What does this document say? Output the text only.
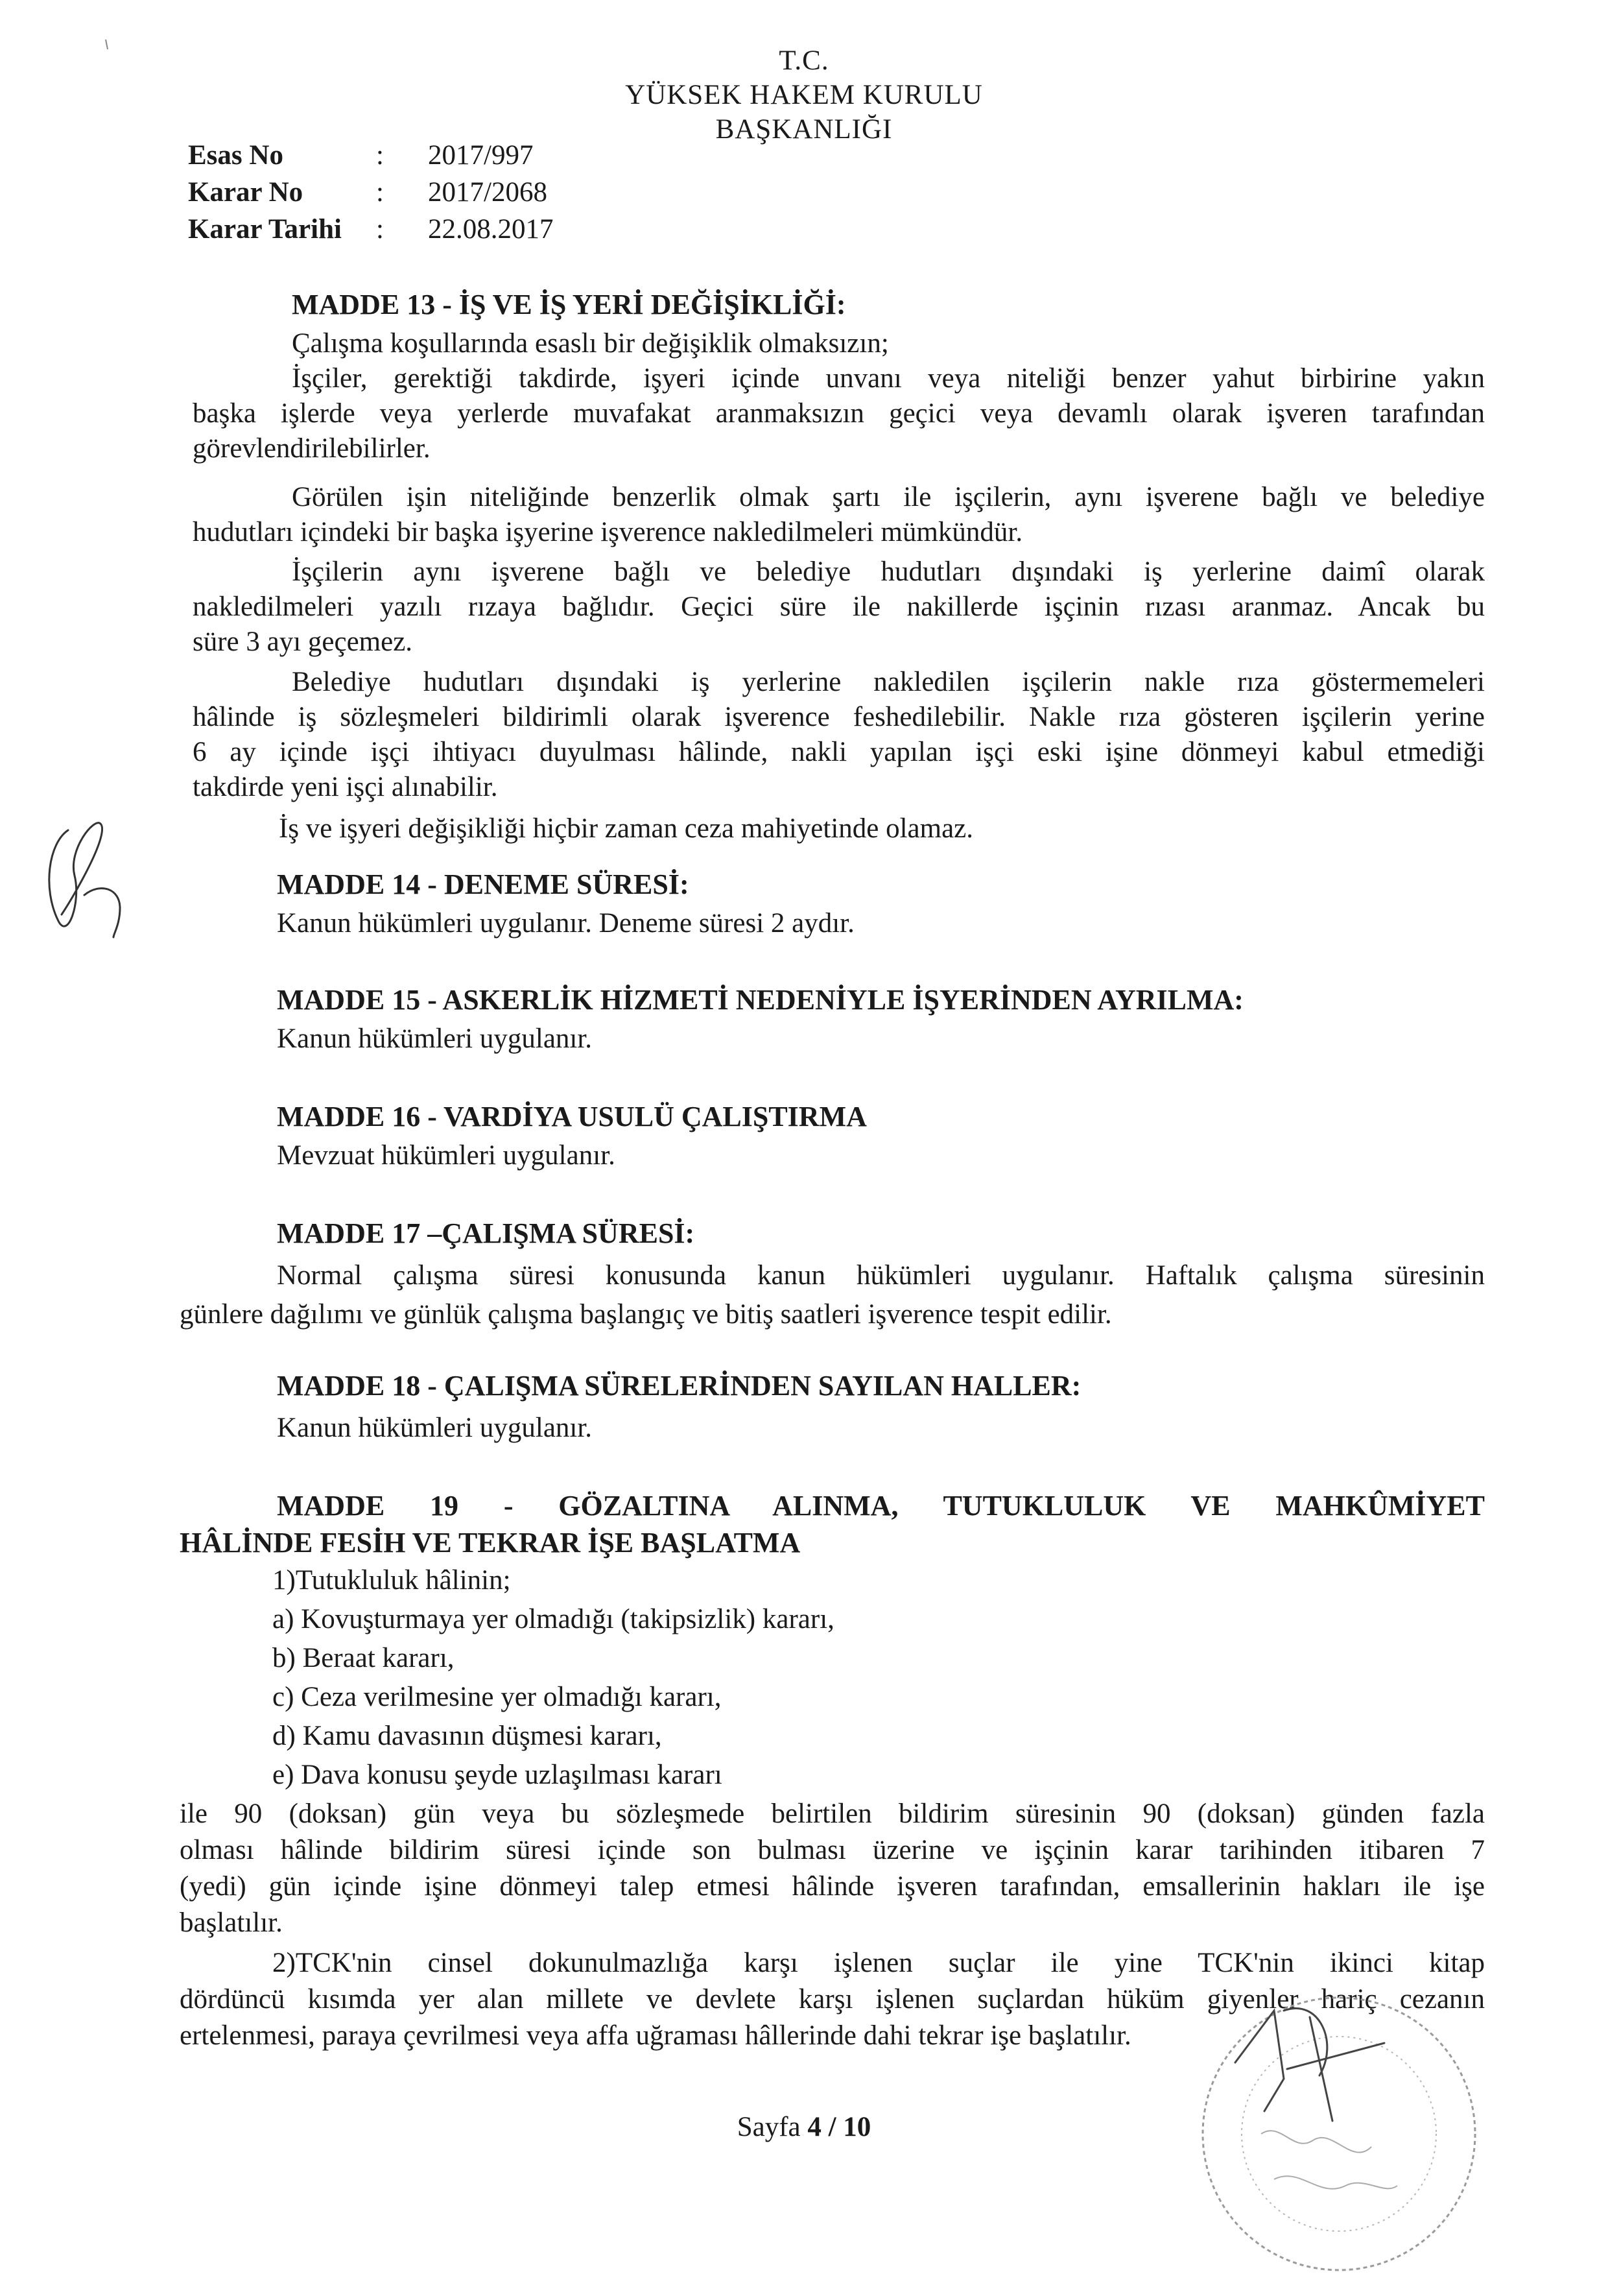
T.C.
YÜKSEK HAKEM KURULU
BAŞKANLIĞI
Esas No	: 2017/997
Karar No	: 2017/2068
Karar Tarihi : 22.08.2017
MADDE 13 - İŞ VE İŞ YERİ DEĞİŞİKLİĞİ:
Çalışma koşullarında esaslı bir değişiklik olmaksızın;
İşçiler, gerektiği takdirde, işyeri içinde unvanı veya niteliği benzer yahut birbirine yakın
başka işlerde veya yerlerde muvafakat aranmaksızın geçici veya devamlı olarak işveren tarafından
görevlendirilebilirler.
Görülen işin niteliğinde benzerlik olmak şartı ile işçilerin, aynı işverene bağlı ve belediye
hudutları içindeki bir başka işyerine işverence nakledilmeleri mümkündür.
İşçilerin aynı işverene bağlı ve belediye hudutları dışındaki iş yerlerine daimî olarak
nakledilmeleri yazılı rızaya bağlıdır. Geçici süre ile nakillerde işçinin rızası aranmaz. Ancak bu
süre 3 ayı geçemez.
Belediye hudutları dışındaki iş yerlerine nakledilen işçilerin nakle rıza göstermemeleri
hâlinde iş sözleşmeleri bildirimli olarak işverence feshedilebilir. Nakle rıza gösteren işçilerin yerine
6 ay içinde işçi ihtiyacı duyulması hâlinde, nakli yapılan işçi eski işine dönmeyi kabul etmediği
takdirde yeni işçi alınabilir.
İş ve işyeri değişikliği hiçbir zaman ceza mahiyetinde olamaz.
MADDE 14 - DENEME SÜRESİ:
Kanun hükümleri uygulanır. Deneme süresi 2 aydır.
MADDE 15 - ASKERLİK HİZMETİ NEDENİYLE İŞYERİNDEN AYRILMA:
Kanun hükümleri uygulanır.
MADDE 16 - VARDİYA USULÜ ÇALIŞTIRMA
Mevzuat hükümleri uygulanır.
MADDE 17 –ÇALIŞMA SÜRESİ:
Normal çalışma süresi konusunda kanun hükümleri uygulanır. Haftalık çalışma süresinin
günlere dağılımı ve günlük çalışma başlangıç ve bitiş saatleri işverence tespit edilir.
MADDE 18 - ÇALIŞMA SÜRELERİNDEN SAYILAN HALLER:
Kanun hükümleri uygulanır.
MADDE 19 - GÖZALTINA ALINMA, TUTUKLULUK VE MAHKÛMİYET
HÂLİNDE FESİH VE TEKRAR İŞE BAŞLATMA
1)Tutukluluk hâlinin;
a) Kovuşturmaya yer olmadığı (takipsizlik) kararı,
b) Beraat kararı,
c) Ceza verilmesine yer olmadığı kararı,
d) Kamu davasının düşmesi kararı,
e) Dava konusu şeyde uzlaşılması kararı
ile 90 (doksan) gün veya bu sözleşmede belirtilen bildirim süresinin 90 (doksan) günden fazla
olması hâlinde bildirim süresi içinde son bulması üzerine ve işçinin karar tarihinden itibaren 7
(yedi) gün içinde işine dönmeyi talep etmesi hâlinde işveren tarafından, emsallerinin hakları ile işe
başlatılır.
2)TCK'nin cinsel dokunulmazlığa karşı işlenen suçlar ile yine TCK'nin ikinci kitap
dördüncü kısımda yer alan millete ve devlete karşı işlenen suçlardan hüküm giyenler hariç cezanın
ertelenmesi, paraya çevrilmesi veya affa uğraması hâllerinde dahi tekrar işe başlatılır.
Sayfa 4 / 10
